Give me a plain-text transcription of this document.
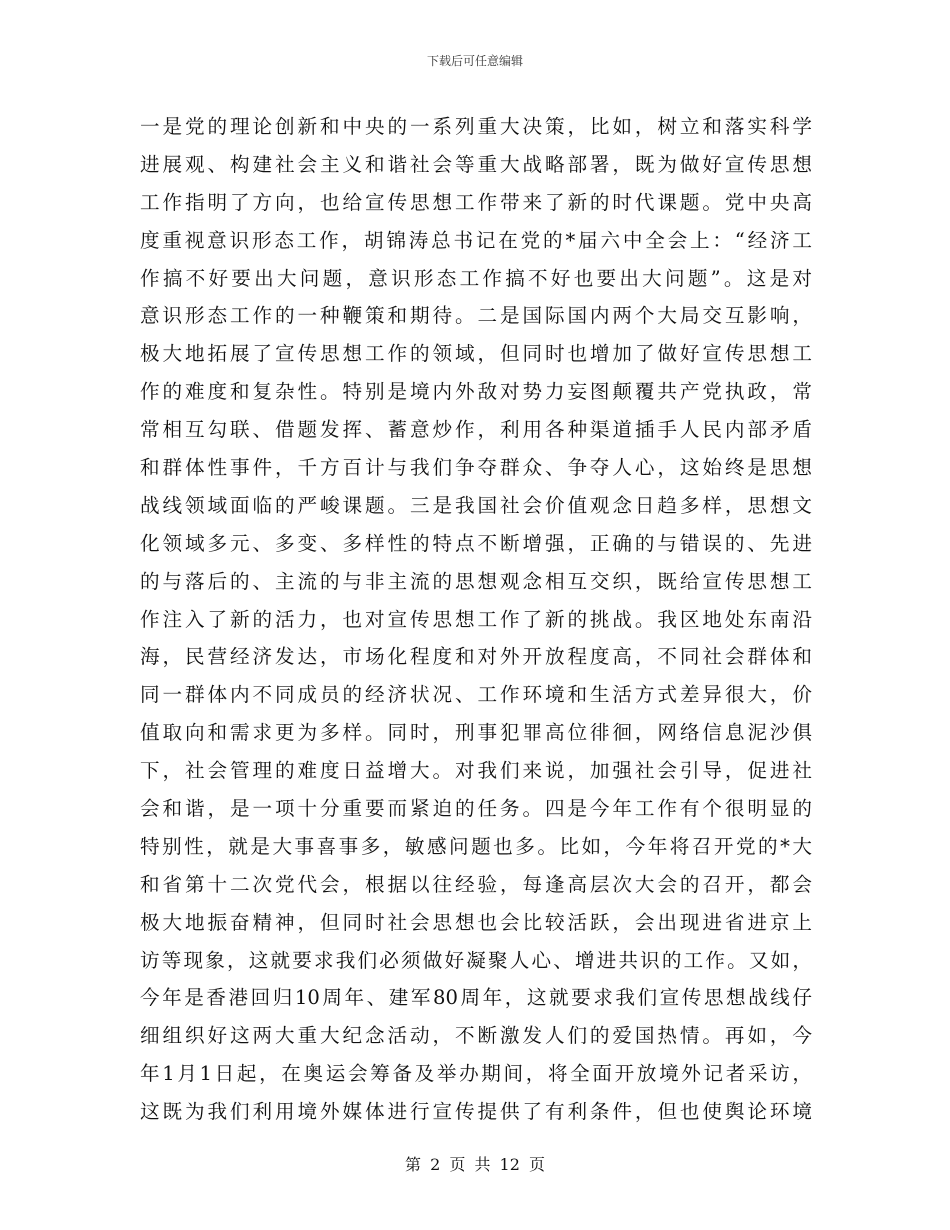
下载后可任意编辑
一是党的理论创新和中央的一系列重大决策，比如，树立和落实科学
进展观、构建社会主义和谐社会等重大战略部署，既为做好宣传思想
工作指明了方向，也给宣传思想工作带来了新的时代课题。党中央高
度重视意识形态工作，胡锦涛总书记在党的*届六中全会上：“经济工
作搞不好要出大问题，意识形态工作搞不好也要出大问题”。这是对
意识形态工作的一种鞭策和期待。二是国际国内两个大局交互影响，
极大地拓展了宣传思想工作的领域，但同时也增加了做好宣传思想工
作的难度和复杂性。特别是境内外敌对势力妄图颠覆共产党执政，常
常相互勾联、借题发挥、蓄意炒作，利用各种渠道插手人民内部矛盾
和群体性事件，千方百计与我们争夺群众、争夺人心，这始终是思想
战线领域面临的严峻课题。三是我国社会价值观念日趋多样，思想文
化领域多元、多变、多样性的特点不断增强，正确的与错误的、先进
的与落后的、主流的与非主流的思想观念相互交织，既给宣传思想工
作注入了新的活力，也对宣传思想工作了新的挑战。我区地处东南沿
海，民营经济发达，市场化程度和对外开放程度高，不同社会群体和
同一群体内不同成员的经济状况、工作环境和生活方式差异很大，价
值取向和需求更为多样。同时，刑事犯罪高位徘徊，网络信息泥沙俱
下，社会管理的难度日益增大。对我们来说，加强社会引导，促进社
会和谐，是一项十分重要而紧迫的任务。四是今年工作有个很明显的
特别性，就是大事喜事多，敏感问题也多。比如，今年将召开党的*大
和省第十二次党代会，根据以往经验，每逢高层次大会的召开，都会
极大地振奋精神，但同时社会思想也会比较活跃，会出现进省进京上
访等现象，这就要求我们必须做好凝聚人心、增进共识的工作。又如，
今年是香港回归10周年、建军80周年，这就要求我们宣传思想战线仔
细组织好这两大重大纪念活动，不断激发人们的爱国热情。再如，今
年1月1日起，在奥运会筹备及举办期间，将全面开放境外记者采访，
这既为我们利用境外媒体进行宣传提供了有利条件，但也使舆论环境
第 2 页 共 12 页
